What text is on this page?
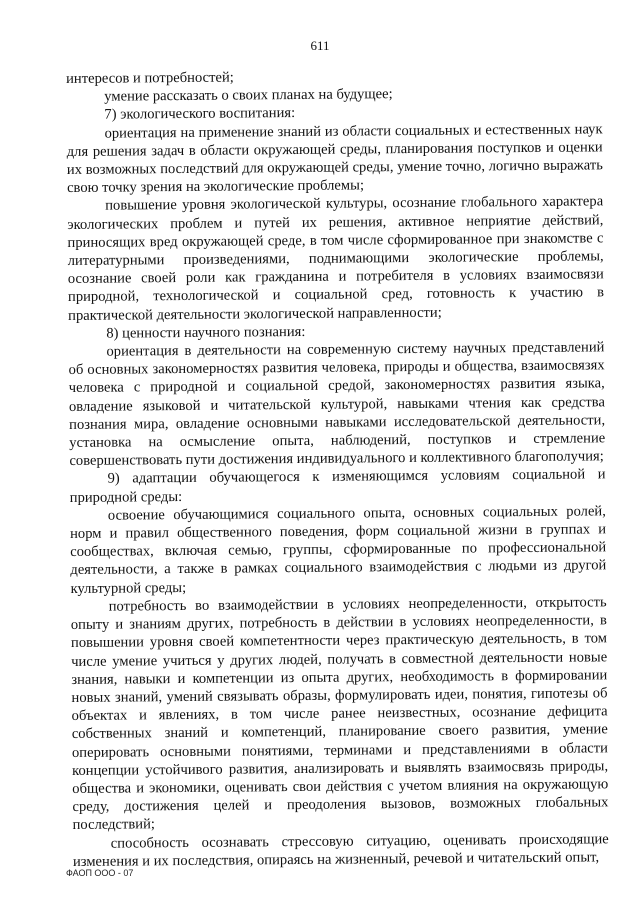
611

интересов и потребностей;

умение рассказать о своих планах на будущее;

7) экологического воспитания:

ориентация на применение знаний из области социальных и естественных наук для решения задач в области окружающей среды, планирования поступков и оценки их возможных последствий для окружающей среды, умение точно, логично выражать свою точку зрения на экологические проблемы;

повышение уровня экологической культуры, осознание глобального характера экологических проблем и путей их решения, активное неприятие действий, приносящих вред окружающей среде, в том числе сформированное при знакомстве с литературными произведениями, поднимающими экологические проблемы, осознание своей роли как гражданина и потребителя в условиях взаимосвязи природной, технологической и социальной сред, готовность к участию в практической деятельности экологической направленности;

8) ценности научного познания:

ориентация в деятельности на современную систему научных представлений об основных закономерностях развития человека, природы и общества, взаимосвязях человека с природной и социальной средой, закономерностях развития языка, овладение языковой и читательской культурой, навыками чтения как средства познания мира, овладение основными навыками исследовательской деятельности, установка на осмысление опыта, наблюдений, поступков и стремление совершенствовать пути достижения индивидуального и коллективного благополучия;

9) адаптации обучающегося к изменяющимся условиям социальной и природной среды:

освоение обучающимися социального опыта, основных социальных ролей, норм и правил общественного поведения, форм социальной жизни в группах и сообществах, включая семью, группы, сформированные по профессиональной деятельности, а также в рамках социального взаимодействия с людьми из другой культурной среды;

потребность во взаимодействии в условиях неопределенности, открытость опыту и знаниям других, потребность в действии в условиях неопределенности, в повышении уровня своей компетентности через практическую деятельность, в том числе умение учиться у других людей, получать в совместной деятельности новые знания, навыки и компетенции из опыта других, необходимость в формировании новых знаний, умений связывать образы, формулировать идеи, понятия, гипотезы об объектах и явлениях, в том числе ранее неизвестных, осознание дефицита собственных знаний и компетенций, планирование своего развития, умение оперировать основными понятиями, терминами и представлениями в области концепции устойчивого развития, анализировать и выявлять взаимосвязь природы, общества и экономики, оценивать свои действия с учетом влияния на окружающую среду, достижения целей и преодоления вызовов, возможных глобальных последствий;

способность осознавать стрессовую ситуацию, оценивать происходящие изменения и их последствия, опираясь на жизненный, речевой и читательский опыт,

ФАОП ООО - 07
